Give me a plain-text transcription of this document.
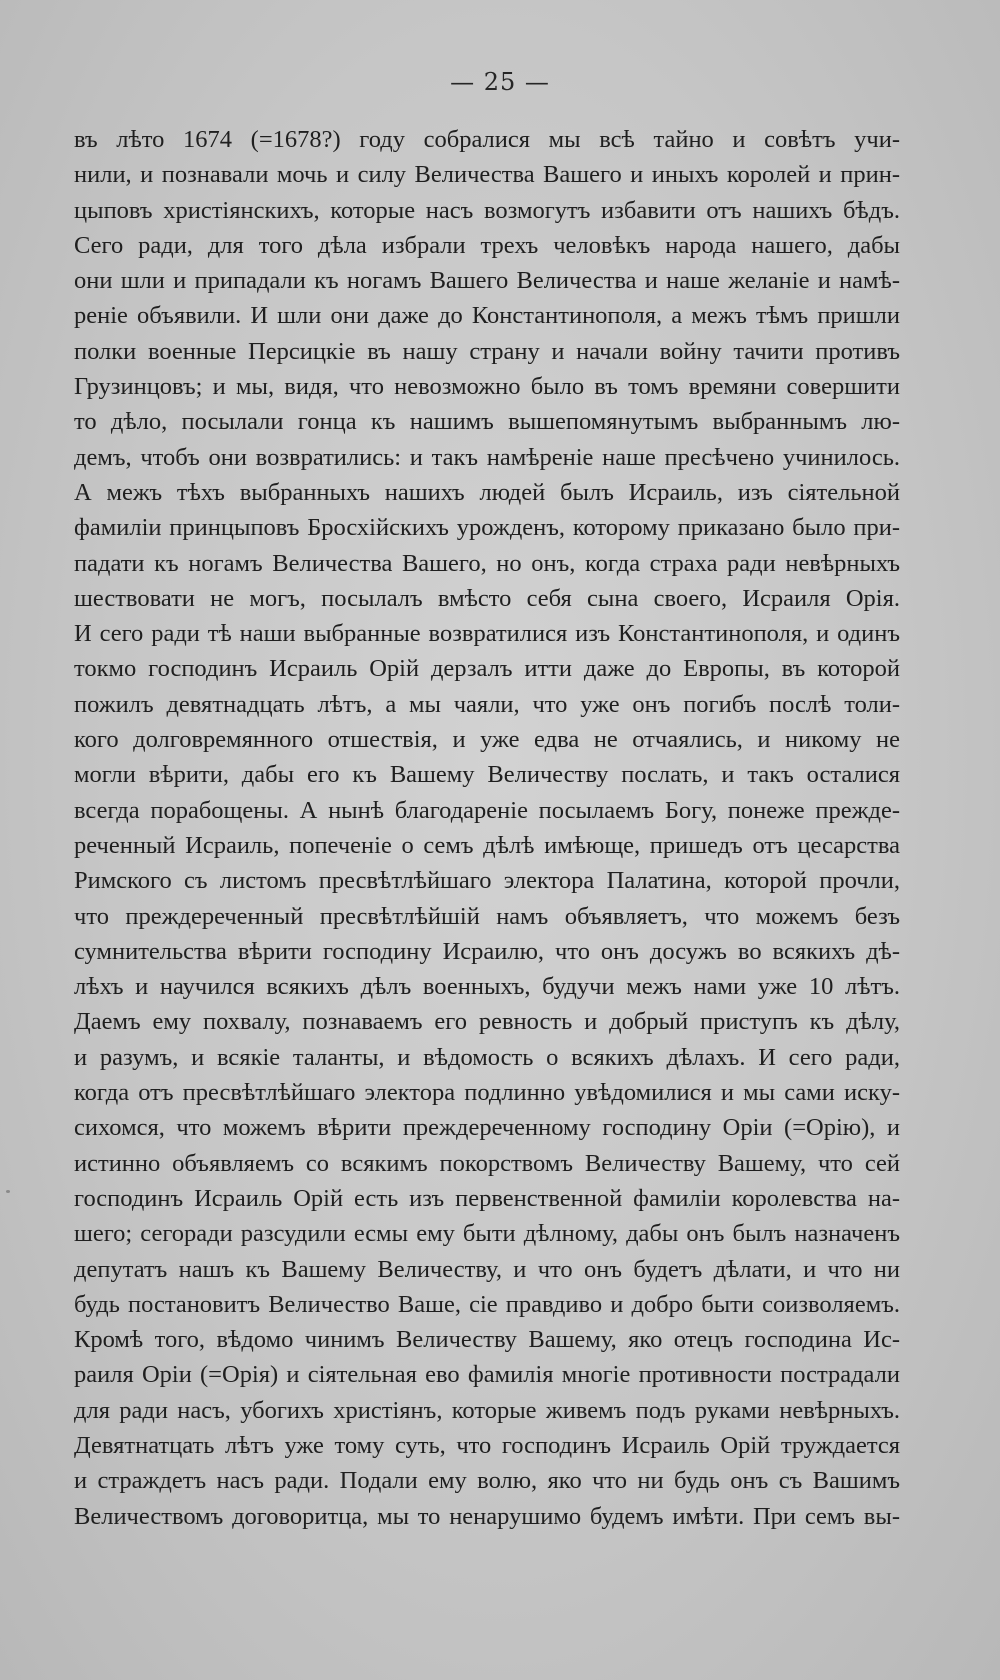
— 25 —
въ лѣто 1674 (=1678?) году собралися мы всѣ тайно и совѣтъ учи-
нили, и познавали мочь и силу Величества Вашего и иныхъ королей и прин-
цыповъ христіянскихъ, которые насъ возмогутъ избавити отъ нашихъ бѣдъ.
Сего ради, для того дѣла избрали трехъ человѣкъ народа нашего, дабы
они шли и припадали къ ногамъ Вашего Величества и наше желаніе и намѣ-
реніе объявили. И шли они даже до Константинополя, а межъ тѣмъ пришли
полки военные Персицкіе въ нашу страну и начали войну тачити противъ
Грузинцовъ; и мы, видя, что невозможно было въ томъ времяни совершити
то дѣло, посылали гонца къ нашимъ вышепомянутымъ выбраннымъ лю-
демъ, чтобъ они возвратились: и такъ намѣреніе наше пресѣчено учинилось.
А межъ тѣхъ выбранныхъ нашихъ людей былъ Исраиль, изъ сіятельной
фамиліи принцыповъ Бросхійскихъ урожденъ, которому приказано было при-
падати къ ногамъ Величества Вашего, но онъ, когда страха ради невѣрныхъ
шествовати не могъ, посылалъ вмѣсто себя сына своего, Исраиля Орія.
И сего ради тѣ наши выбранные возвратилися изъ Константинополя, и одинъ
токмо господинъ Исраиль Орій дерзалъ итти даже до Европы, въ которой
пожилъ девятнадцать лѣтъ, а мы чаяли, что уже онъ погибъ послѣ толи-
кого долговремянного отшествія, и уже едва не отчаялись, и никому не
могли вѣрити, дабы его къ Вашему Величеству послать, и такъ осталися
всегда порабощены. А нынѣ благодареніе посылаемъ Богу, понеже прежде-
реченный Исраиль, попеченіе о семъ дѣлѣ имѣюще, пришедъ отъ цесарства
Римского съ листомъ пресвѣтлѣйшаго электора Палатина, которой прочли,
что преждереченный пресвѣтлѣйшій намъ объявляетъ, что можемъ безъ
сумнительства вѣрити господину Исраилю, что онъ досужъ во всякихъ дѣ-
лѣхъ и научился всякихъ дѣлъ военныхъ, будучи межъ нами уже 10 лѣтъ.
Даемъ ему похвалу, познаваемъ его ревность и добрый приступъ къ дѣлу,
и разумъ, и всякіе таланты, и вѣдомость о всякихъ дѣлахъ. И сего ради,
когда отъ пресвѣтлѣйшаго электора подлинно увѣдомилися и мы сами иску-
сихомся, что можемъ вѣрити преждереченному господину Оріи (=Орію), и
истинно объявляемъ со всякимъ покорствомъ Величеству Вашему, что сей
господинъ Исраиль Орій есть изъ первенственной фамиліи королевства на-
шего; сегоради разсудили есмы ему быти дѣлному, дабы онъ былъ назначенъ
депутатъ нашъ къ Вашему Величеству, и что онъ будетъ дѣлати, и что ни
будь постановитъ Величество Ваше, сіе правдиво и добро быти соизволяемъ.
Кромѣ того, вѣдомо чинимъ Величеству Вашему, яко отецъ господина Ис-
раиля Оріи (=Орія) и сіятельная ево фамилія многіе противности пострадали
для ради насъ, убогихъ христіянъ, которые живемъ подъ руками невѣрныхъ.
Девятнатцать лѣтъ уже тому суть, что господинъ Исраиль Орій труждается
и страждетъ насъ ради. Подали ему волю, яко что ни будь онъ съ Вашимъ
Величествомъ договоритца, мы то ненарушимо будемъ имѣти. При семъ вы-
